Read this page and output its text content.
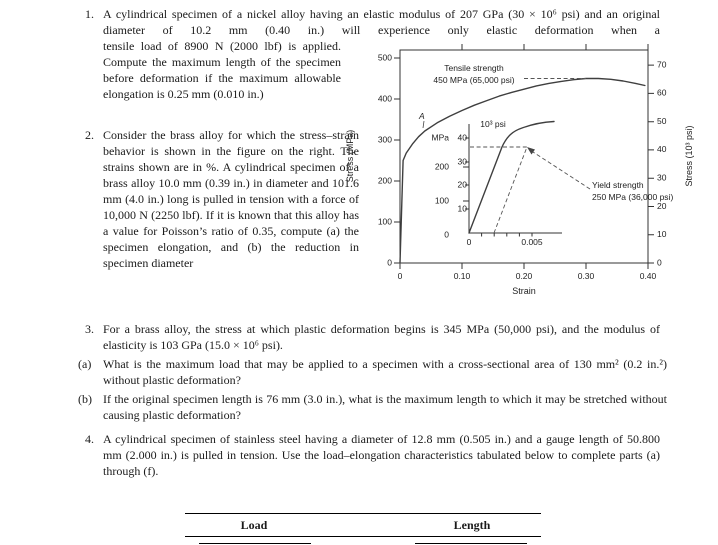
1. A cylindrical specimen of a nickel alloy having an elastic modulus of 207 GPa (30 × 10⁶ psi) and an original diameter of 10.2 mm (0.40 in.) will experience only elastic deformation when a
tensile load of 8900 N (2000 lbf) is applied. Compute the maximum length of the specimen before deformation if the maximum allowable elongation is 0.25 mm (0.010 in.)
2. Consider the brass alloy for which the stress–strain behavior is shown in the figure on the right. The strains shown are in %. A cylindrical specimen of a brass alloy 10.0 mm (0.39 in.) in diameter and 101.6 mm (4.0 in.) long is pulled in tension with a force of 10,000 N (2250 lbf). If it is known that this alloy has a value for Poisson’s ratio of 0.35, compute (a) the specimen elongation, and (b) the reduction in specimen diameter
500
400
300
200
100
0
70
60
50
40
30
20
10
0
0	0.10	0.20	0.30	0.40
Strain
Stress (MPa)	Stress (10³ psi)
Tensile strength
450 MPa (65,000 psi)
A
10³ psi
MPa 40
30
20
10
200
100
0
0	0.005
Yield strength
250 MPa (36,000 psi)
3. For a brass alloy, the stress at which plastic deformation begins is 345 MPa (50,000 psi), and the modulus of elasticity is 103 GPa (15.0 × 10⁶ psi).
(a) What is the maximum load that may be applied to a specimen with a cross-sectional area of 130 mm² (0.2 in.²) without plastic deformation?
(b) If the original specimen length is 76 mm (3.0 in.), what is the maximum length to which it may be stretched without causing plastic deformation?
4. A cylindrical specimen of stainless steel having a diameter of 12.8 mm (0.505 in.) and a gauge length of 50.800 mm (2.000 in.) is pulled in tension. Use the load–elongation characteristics tabulated below to complete parts (a) through (f).
Load	Length
